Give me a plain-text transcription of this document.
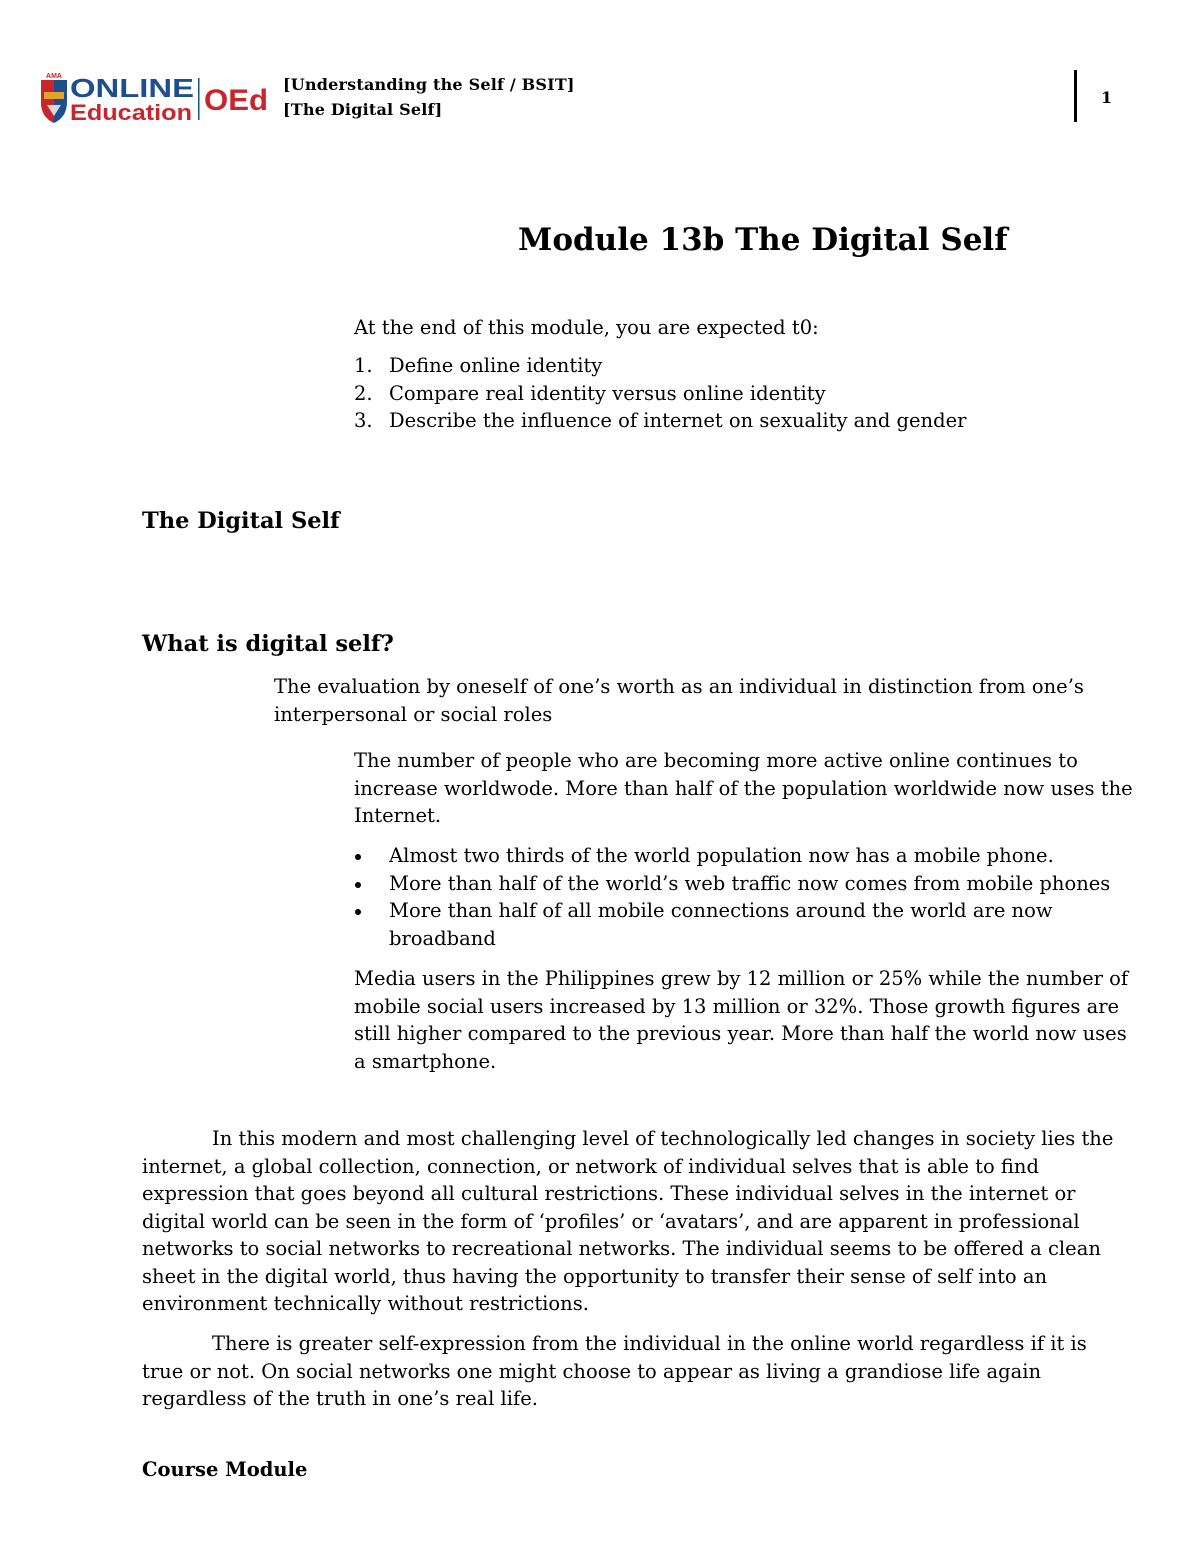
AMA ONLINE
Education OEd [Understanding the Self / BSIT]
[The Digital Self]
1
Module 13b The Digital Self
At the end of this module, you are expected t0:
1. Define online identity
2. Compare real identity versus online identity
3. Describe the influence of internet on sexuality and gender
The Digital Self
What is digital self?
The evaluation by oneself of one’s worth as an individual in distinction from one’s interpersonal or social roles
The number of people who are becoming more active online continues to increase worldwode. More than half of the population worldwide now uses the Internet.
Almost two thirds of the world population now has a mobile phone.
More than half of the world’s web traffic now comes from mobile phones
More than half of all mobile connections around the world are now broadband
Media users in the Philippines grew by 12 million or 25% while the number of mobile social users increased by 13 million or 32%. Those growth figures are still higher compared to the previous year. More than half the world now uses a smartphone.
In this modern and most challenging level of technologically led changes in society lies the internet, a global collection, connection, or network of individual selves that is able to find expression that goes beyond all cultural restrictions. These individual selves in the internet or digital world can be seen in the form of ‘profiles’ or ‘avatars’, and are apparent in professional networks to social networks to recreational networks. The individual seems to be offered a clean sheet in the digital world, thus having the opportunity to transfer their sense of self into an environment technically without restrictions.
There is greater self-expression from the individual in the online world regardless if it is true or not. On social networks one might choose to appear as living a grandiose life again regardless of the truth in one’s real life.
Course Module
